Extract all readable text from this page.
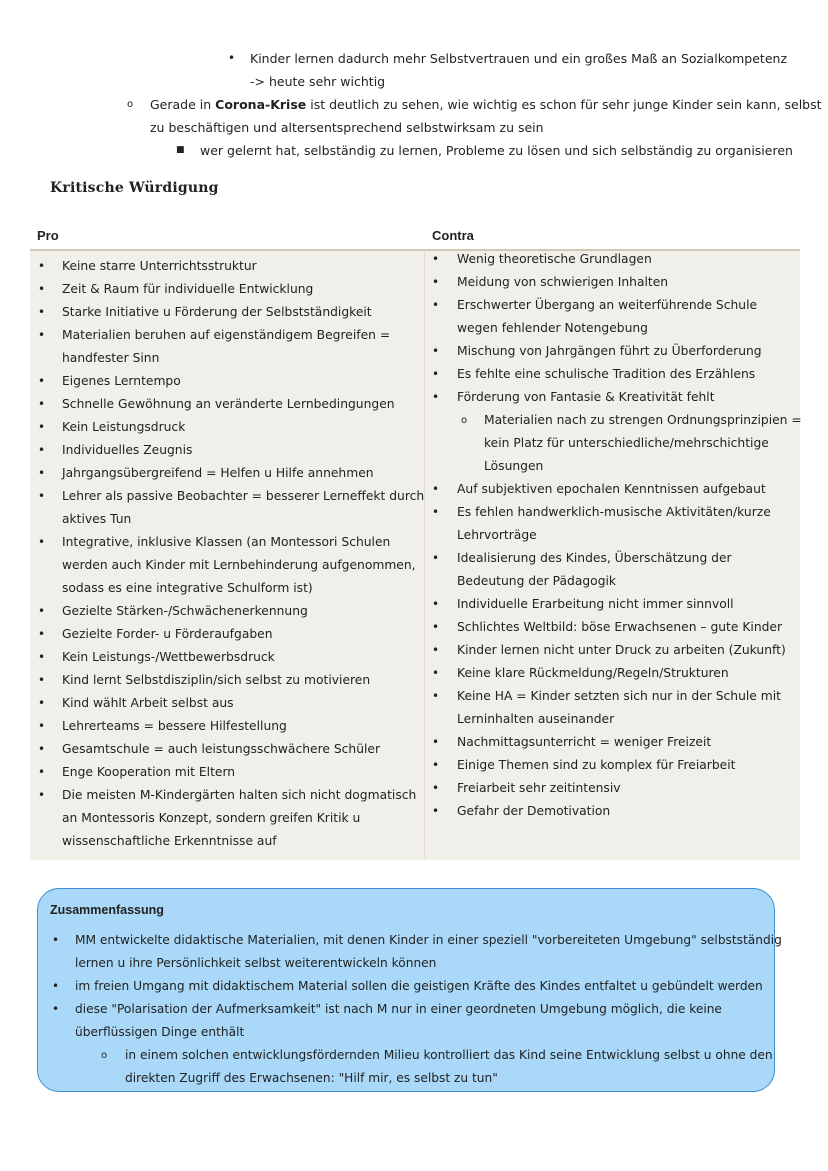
•
Kinder lernen dadurch mehr Selbstvertrauen und ein großes Maß an Sozialkompetenz
-> heute sehr wichtig
o Gerade in Corona-Krise ist deutlich zu sehen, wie wichtig es schon für sehr junge Kinder sein kann, selbst
zu beschäftigen und altersentsprechend selbstwirksam zu sein
■ wer gelernt hat, selbständig zu lernen, Probleme zu lösen und sich selbständig zu organisieren
Kritische Würdigung
Pro	Contra
•
Keine starre Unterrichtsstruktur
•
Zeit & Raum für individuelle Entwicklung
•
Starke Initiative u Förderung der Selbstständigkeit
•
Materialien beruhen auf eigenständigem Begreifen =
handfester Sinn
•
Eigenes Lerntempo
•
Schnelle Gewöhnung an veränderte Lernbedingungen
•
Kein Leistungsdruck
•
Individuelles Zeugnis
•
Jahrgangsübergreifend = Helfen u Hilfe annehmen
•
Lehrer als passive Beobachter = besserer Lerneffekt durch
aktives Tun
•
Integrative, inklusive Klassen (an Montessori Schulen
werden auch Kinder mit Lernbehinderung aufgenommen,
sodass es eine integrative Schulform ist)
•
Gezielte Stärken-/Schwächenerkennung
•
Gezielte Forder- u Förderaufgaben
•
Kein Leistungs-/Wettbewerbsdruck
•
Kind lernt Selbstdisziplin/sich selbst zu motivieren
•
Kind wählt Arbeit selbst aus
•
Lehrerteams = bessere Hilfestellung
•
Gesamtschule = auch leistungsschwächere Schüler
•
Enge Kooperation mit Eltern
•
Die meisten M-Kindergärten halten sich nicht dogmatisch
an Montessoris Konzept, sondern greifen Kritik u
wissenschaftliche Erkenntnisse auf
•
Wenig theoretische Grundlagen
•
Meidung von schwierigen Inhalten
•
Erschwerter Übergang an weiterführende Schule
wegen fehlender Notengebung
•
Mischung von Jahrgängen führt zu Überforderung
•
Es fehlte eine schulische Tradition des Erzählens
•
Förderung von Fantasie & Kreativität fehlt
o Materialien nach zu strengen Ordnungsprinzipien =
kein Platz für unterschiedliche/mehrschichtige
Lösungen
•
Auf subjektiven epochalen Kenntnissen aufgebaut
•
Es fehlen handwerklich-musische Aktivitäten/kurze
Lehrvorträge
•
Idealisierung des Kindes, Überschätzung der
Bedeutung der Pädagogik
•
Individuelle Erarbeitung nicht immer sinnvoll
•
Schlichtes Weltbild: böse Erwachsenen – gute Kinder
•
Kinder lernen nicht unter Druck zu arbeiten (Zukunft)
•
Keine klare Rückmeldung/Regeln/Strukturen
•
Keine HA = Kinder setzten sich nur in der Schule mit
Lerninhalten auseinander
•
Nachmittagsunterricht = weniger Freizeit
•
Einige Themen sind zu komplex für Freiarbeit
•
Freiarbeit sehr zeitintensiv
•
Gefahr der Demotivation
Zusammenfassung
•
MM entwickelte didaktische Materialien, mit denen Kinder in einer speziell "vorbereiteten Umgebung" selbstständig
lernen u ihre Persönlichkeit selbst weiterentwickeln können
•
im freien Umgang mit didaktischem Material sollen die geistigen Kräfte des Kindes entfaltet u gebündelt werden
•
diese "Polarisation der Aufmerksamkeit" ist nach M nur in einer geordneten Umgebung möglich, die keine
überflüssigen Dinge enthält
o in einem solchen entwicklungsfördernden Milieu kontrolliert das Kind seine Entwicklung selbst u ohne den
direkten Zugriff des Erwachsenen: "Hilf mir, es selbst zu tun"
